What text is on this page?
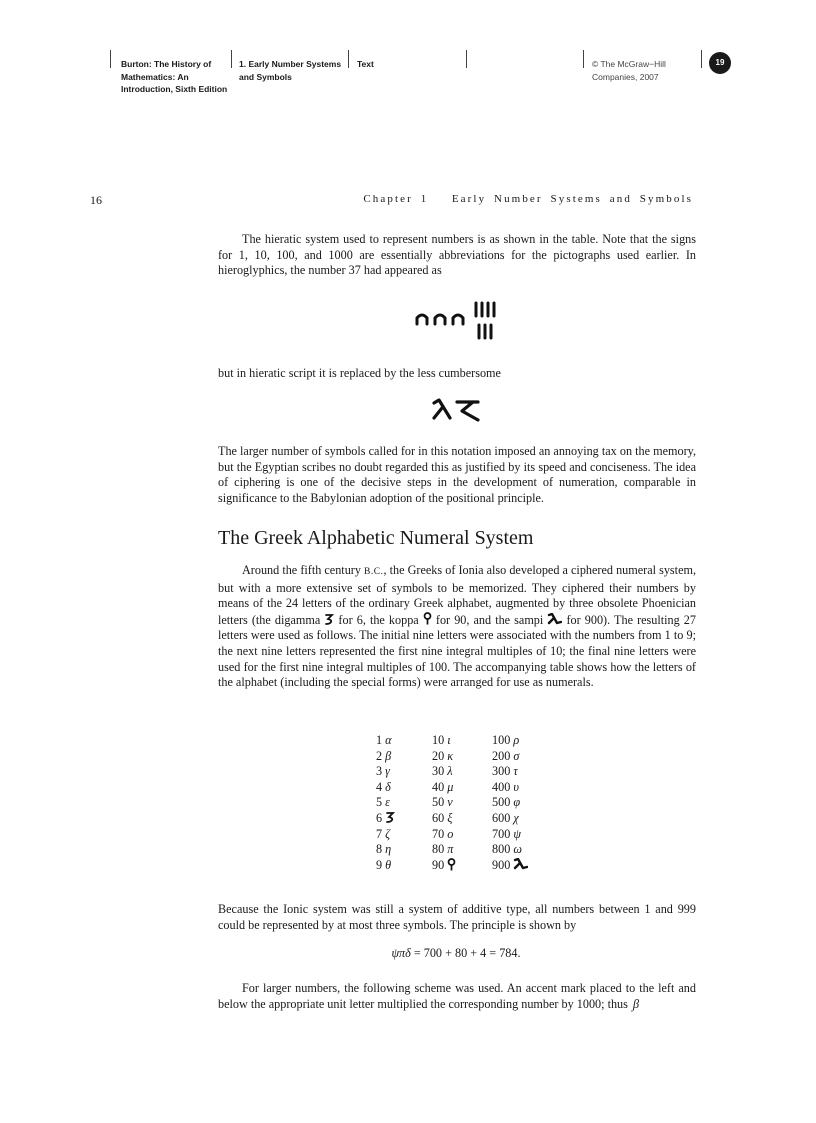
Burton: The History of
Mathematics: An
Introduction, Sixth Edition
1. Early Number Systems
and Symbols
Text	© The McGraw−Hill
Companies, 2007
19
16	Chapter 1   Early Number Systems and Symbols

The hieratic system used to represent numbers is as shown in the table. Note that the signs for 1, 10, 100, and 1000 are essentially abbreviations for the pictographs used earlier. In hieroglyphics, the number 37 had appeared as

but in hieratic script it is replaced by the less cumbersome

The larger number of symbols called for in this notation imposed an annoying tax on the memory, but the Egyptian scribes no doubt regarded this as justified by its speed and conciseness. The idea of ciphering is one of the decisive steps in the development of numeration, comparable in significance to the Babylonian adoption of the positional principle.

The Greek Alphabetic Numeral System

Around the fifth century B.C., the Greeks of Ionia also developed a ciphered numeral system, but with a more extensive set of symbols to be memorized. They ciphered their numbers by means of the 24 letters of the ordinary Greek alphabet, augmented by three obsolete Phoenician letters (the digamma  for 6, the koppa  for 90, and the sampi  for 900). The resulting 27 letters were used as follows. The initial nine letters were associated with the numbers from 1 to 9; the next nine letters represented the first nine integral multiples of 10; the final nine letters were used for the first nine integral multiples of 100. The accompanying table shows how the letters of the alphabet (including the special forms) were arranged for use as numerals.

1 α	10 ι	100 ρ
2 β	20 κ	200 σ
3 γ	30 λ	300 τ
4 δ	40 μ	400 υ
5 ε	50 ν	500 φ
6	60 ξ	600 χ
7 ζ	70 ο	700 ψ
8 η	80 π	800 ω
9 θ	90	900

Because the Ionic system was still a system of additive type, all numbers between 1 and 999 could be represented by at most three symbols. The principle is shown by

ψπδ = 700 + 80 + 4 = 784.

For larger numbers, the following scheme was used. An accent mark placed to the left and below the appropriate unit letter multiplied the corresponding number by 1000; thus $_,$β
